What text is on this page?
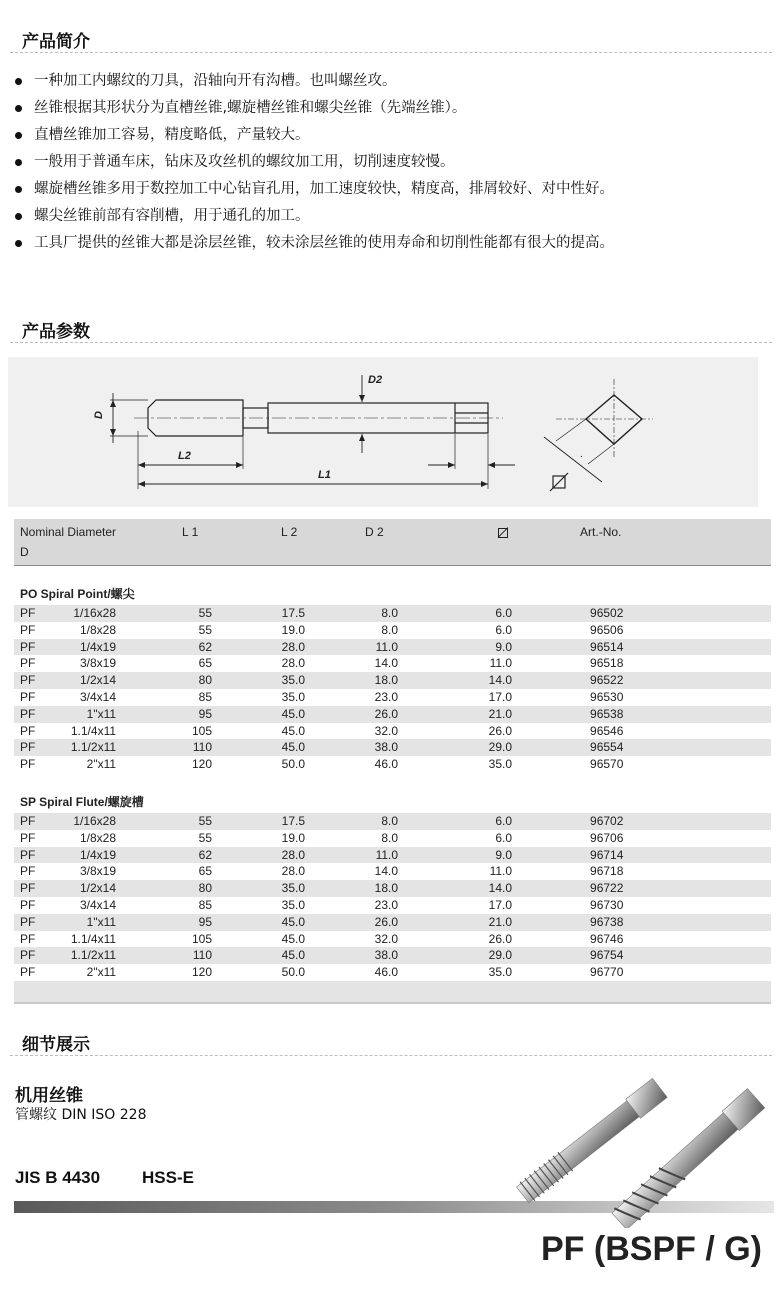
产品简介
一种加工内螺纹的刀具，沿轴向开有沟槽。也叫螺丝攻。
丝锥根据其形状分为直槽丝锥,螺旋槽丝锥和螺尖丝锥（先端丝锥）。
直槽丝锥加工容易，精度略低，产量较大。
一般用于普通车床，钻床及攻丝机的螺纹加工用，切削速度较慢。
螺旋槽丝锥多用于数控加工中心钻盲孔用，加工速度较快，精度高，排屑较好、对中性好。
螺尖丝锥前部有容削槽，用于通孔的加工。
工具厂提供的丝锥大都是涂层丝锥，较未涂层丝锥的使用寿命和切削性能都有很大的提高。
产品参数
D
D2
L2
L1
.
Nominal Diameter		L 1	L 2	D 2			Art.-No.
D							

PO Spiral Point/螺尖							
PF	1/16x28	55	17.5	8.0	6.0		96502
PF	1/8x28	55	19.0	8.0	6.0		96506
PF	1/4x19	62	28.0	11.0	9.0		96514
PF	3/8x19	65	28.0	14.0	11.0		96518
PF	1/2x14	80	35.0	18.0	14.0		96522
PF	3/4x14	85	35.0	23.0	17.0		96530
PF	1"x11	95	45.0	26.0	21.0		96538
PF	1.1/4x11	105	45.0	32.0	26.0		96546
PF	1.1/2x11	110	45.0	38.0	29.0		96554
PF	2"x11	120	50.0	46.0	35.0		96570

SP Spiral Flute/螺旋槽							
PF	1/16x28	55	17.5	8.0	6.0		96702
PF	1/8x28	55	19.0	8.0	6.0		96706
PF	1/4x19	62	28.0	11.0	9.0		96714
PF	3/8x19	65	28.0	14.0	11.0		96718
PF	1/2x14	80	35.0	18.0	14.0		96722
PF	3/4x14	85	35.0	23.0	17.0		96730
PF	1"x11	95	45.0	26.0	21.0		96738
PF	1.1/4x11	105	45.0	32.0	26.0		96746
PF	1.1/2x11	110	45.0	38.0	29.0		96754
PF	2"x11	120	50.0	46.0	35.0		96770

细节展示
机用丝锥
管螺纹 DIN ISO 228
JIS B 4430 HSS-E
PF (BSPF / G)
